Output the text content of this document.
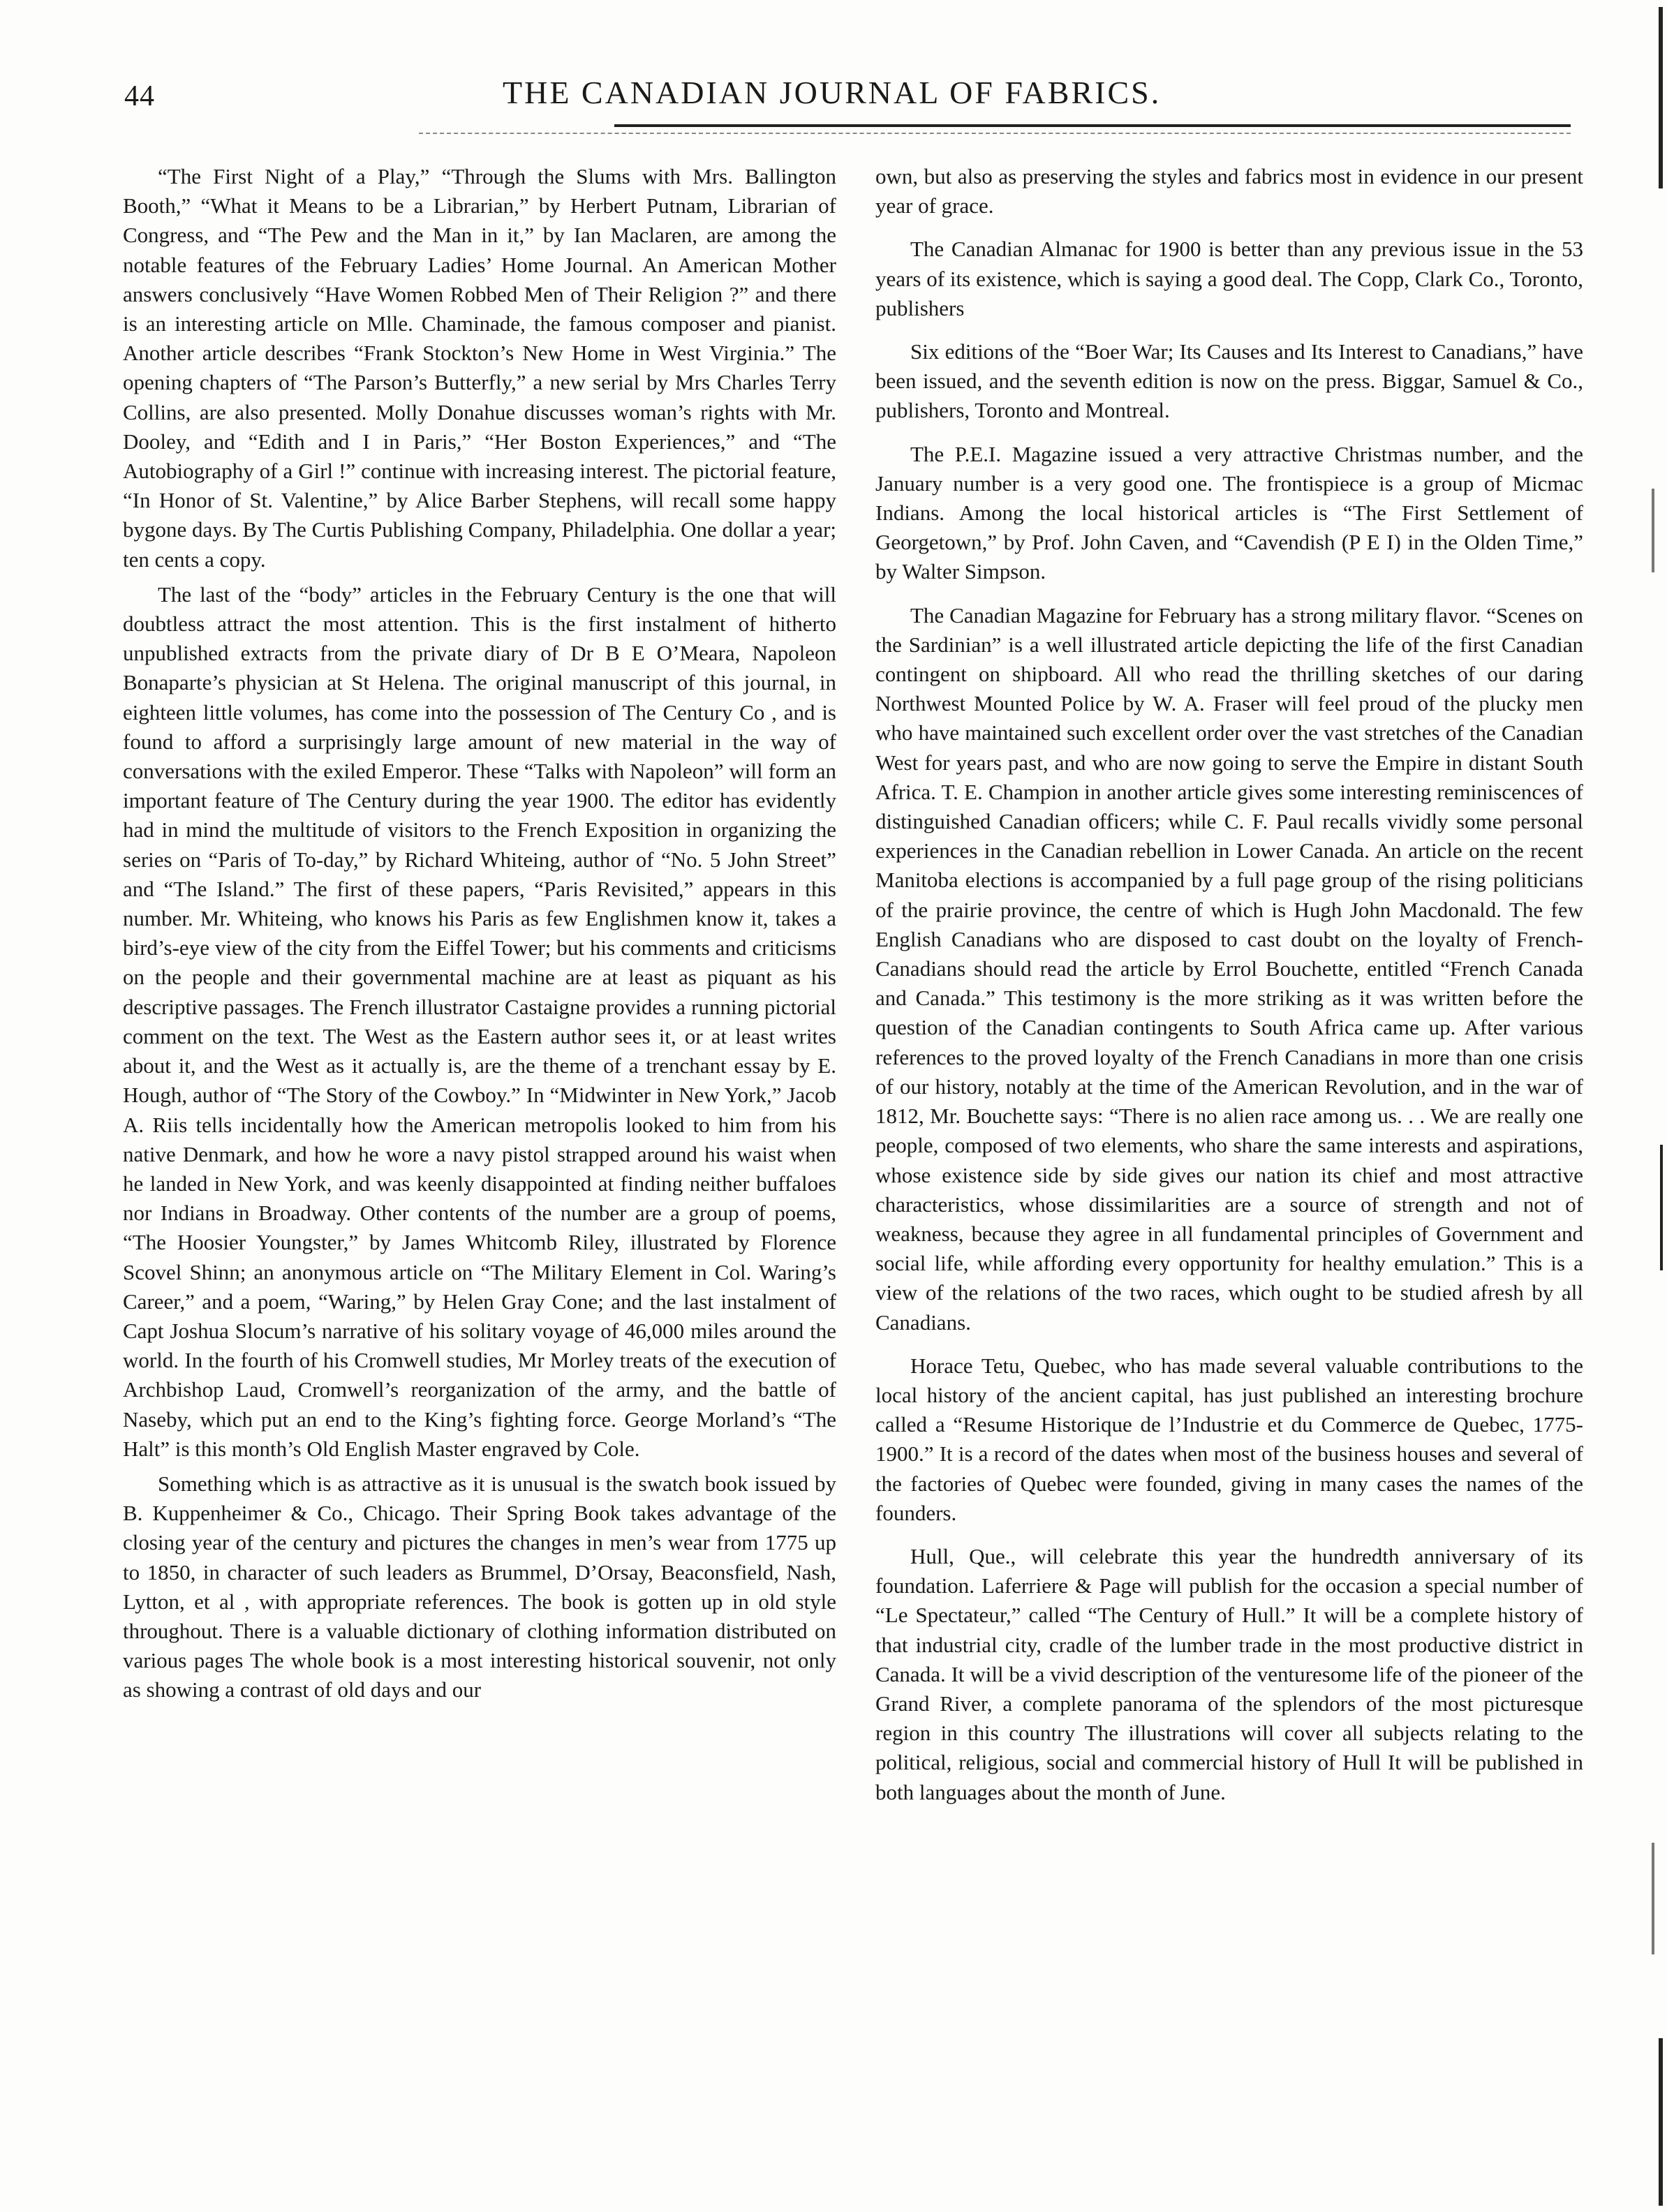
44	THE CANADIAN JOURNAL OF FABRICS.

“The First Night of a Play,” “Through the Slums with Mrs. Ballington Booth,” “What it Means to be a Librarian,” by Herbert Putnam, Librarian of Congress, and “The Pew and the Man in it,” by Ian Maclaren, are among the notable features of the February Ladies’ Home Journal. An American Mother answers conclusively “Have Women Robbed Men of Their Religion ?” and there is an interesting article on Mlle. Chaminade, the famous composer and pianist. Another article describes “Frank Stockton’s New Home in West Virginia.” The opening chapters of “The Parson’s Butterfly,” a new serial by Mrs Charles Terry Collins, are also presented. Molly Donahue discusses woman’s rights with Mr. Dooley, and “Edith and I in Paris,” “Her Boston Experiences,” and “The Autobiography of a Girl !” continue with increasing interest. The pictorial feature, “In Honor of St. Valentine,” by Alice Barber Stephens, will recall some happy bygone days. By The Curtis Publishing Company, Philadelphia. One dollar a year; ten cents a copy.

The last of the “body” articles in the February Century is the one that will doubtless attract the most attention. This is the first instalment of hitherto unpublished extracts from the private diary of Dr B E O’Meara, Napoleon Bonaparte’s physician at St Helena. The original manuscript of this journal, in eighteen little volumes, has come into the possession of The Century Co , and is found to afford a surprisingly large amount of new material in the way of conversations with the exiled Emperor. These “Talks with Napoleon” will form an important feature of The Century during the year 1900. The editor has evidently had in mind the multitude of visitors to the French Exposition in organizing the series on “Paris of To-day,” by Richard Whiteing, author of “No. 5 John Street” and “The Island.” The first of these papers, “Paris Revisited,” appears in this number. Mr. Whiteing, who knows his Paris as few Englishmen know it, takes a bird’s-eye view of the city from the Eiffel Tower; but his comments and criticisms on the people and their governmental machine are at least as piquant as his descriptive passages. The French illustrator Castaigne provides a running pictorial comment on the text. The West as the Eastern author sees it, or at least writes about it, and the West as it actually is, are the theme of a trenchant essay by E. Hough, author of “The Story of the Cowboy.” In “Midwinter in New York,” Jacob A. Riis tells incidentally how the American metropolis looked to him from his native Denmark, and how he wore a navy pistol strapped around his waist when he landed in New York, and was keenly disappointed at finding neither buffaloes nor Indians in Broadway. Other contents of the number are a group of poems, “The Hoosier Youngster,” by James Whitcomb Riley, illustrated by Florence Scovel Shinn; an anonymous article on “The Military Element in Col. Waring’s Career,” and a poem, “Waring,” by Helen Gray Cone; and the last instalment of Capt Joshua Slocum’s narrative of his solitary voyage of 46,000 miles around the world. In the fourth of his Cromwell studies, Mr Morley treats of the execution of Archbishop Laud, Cromwell’s reorganization of the army, and the battle of Naseby, which put an end to the King’s fighting force. George Morland’s “The Halt” is this month’s Old English Master engraved by Cole.

Something which is as attractive as it is unusual is the swatch book issued by B. Kuppenheimer & Co., Chicago. Their Spring Book takes advantage of the closing year of the century and pictures the changes in men’s wear from 1775 up to 1850, in character of such leaders as Brummel, D’Orsay, Beaconsfield, Nash, Lytton, et al , with appropriate references. The book is gotten up in old style throughout. There is a valuable dictionary of clothing information distributed on various pages The whole book is a most interesting historical souvenir, not only as showing a contrast of old days and our

own, but also as preserving the styles and fabrics most in evidence in our present year of grace.

The Canadian Almanac for 1900 is better than any previous issue in the 53 years of its existence, which is saying a good deal. The Copp, Clark Co., Toronto, publishers

Six editions of the “Boer War; Its Causes and Its Interest to Canadians,” have been issued, and the seventh edition is now on the press. Biggar, Samuel & Co., publishers, Toronto and Montreal.

The P.E.I. Magazine issued a very attractive Christmas number, and the January number is a very good one. The frontispiece is a group of Micmac Indians. Among the local historical articles is “The First Settlement of Georgetown,” by Prof. John Caven, and “Cavendish (P E I) in the Olden Time,” by Walter Simpson.

The Canadian Magazine for February has a strong military flavor. “Scenes on the Sardinian” is a well illustrated article depicting the life of the first Canadian contingent on shipboard. All who read the thrilling sketches of our daring Northwest Mounted Police by W. A. Fraser will feel proud of the plucky men who have maintained such excellent order over the vast stretches of the Canadian West for years past, and who are now going to serve the Empire in distant South Africa. T. E. Champion in another article gives some interesting reminiscences of distinguished Canadian officers; while C. F. Paul recalls vividly some personal experiences in the Canadian rebellion in Lower Canada. An article on the recent Manitoba elections is accompanied by a full page group of the rising politicians of the prairie province, the centre of which is Hugh John Macdonald. The few English Canadians who are disposed to cast doubt on the loyalty of French-Canadians should read the article by Errol Bouchette, entitled “French Canada and Canada.” This testimony is the more striking as it was written before the question of the Canadian contingents to South Africa came up. After various references to the proved loyalty of the French Canadians in more than one crisis of our history, notably at the time of the American Revolution, and in the war of 1812, Mr. Bouchette says: “There is no alien race among us. . . We are really one people, composed of two elements, who share the same interests and aspirations, whose existence side by side gives our nation its chief and most attractive characteristics, whose dissimilarities are a source of strength and not of weakness, because they agree in all fundamental principles of Government and social life, while affording every opportunity for healthy emulation.” This is a view of the relations of the two races, which ought to be studied afresh by all Canadians.

Horace Tetu, Quebec, who has made several valuable contributions to the local history of the ancient capital, has just published an interesting brochure called a “Resume Historique de l’Industrie et du Commerce de Quebec, 1775-1900.” It is a record of the dates when most of the business houses and several of the factories of Quebec were founded, giving in many cases the names of the founders.

Hull, Que., will celebrate this year the hundredth anniversary of its foundation. Laferriere & Page will publish for the occasion a special number of “Le Spectateur,” called “The Century of Hull.” It will be a complete history of that industrial city, cradle of the lumber trade in the most productive district in Canada. It will be a vivid description of the venturesome life of the pioneer of the Grand River, a complete panorama of the splendors of the most picturesque region in this country The illustrations will cover all subjects relating to the political, religious, social and commercial history of Hull It will be published in both languages about the month of June.
